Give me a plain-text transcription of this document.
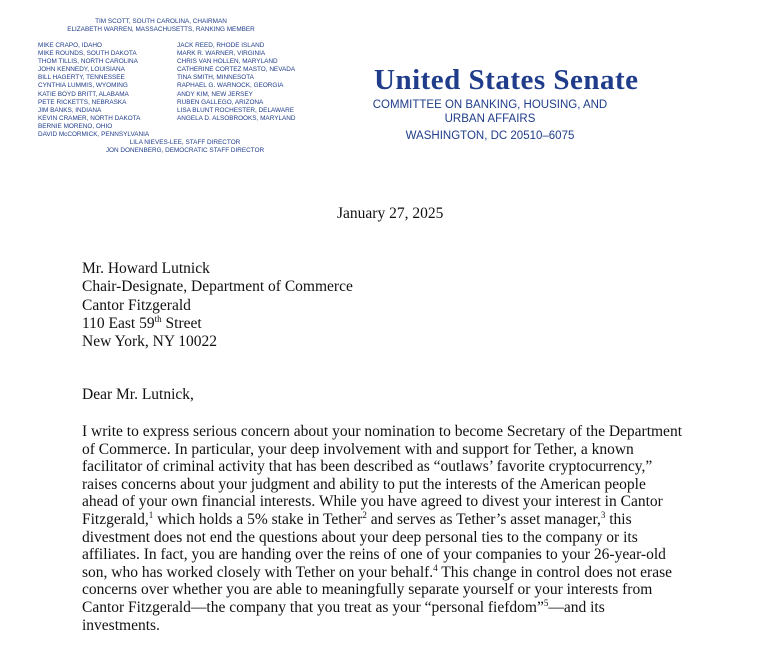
TIM SCOTT, SOUTH CAROLINA, CHAIRMAN
ELIZABETH WARREN, MASSACHUSETTS, RANKING MEMBER
MIKE CRAPO, IDAHO
MIKE ROUNDS, SOUTH DAKOTA
THOM TILLIS, NORTH CAROLINA
JOHN KENNEDY, LOUISIANA
BILL HAGERTY, TENNESSEE
CYNTHIA LUMMIS, WYOMING
KATIE BOYD BRITT, ALABAMA
PETE RICKETTS, NEBRASKA
JIM BANKS, INDIANA
KEVIN CRAMER, NORTH DAKOTA
BERNIE MORENO, OHIO
DAVID McCORMICK, PENNSYLVANIA
JACK REED, RHODE ISLAND
MARK R. WARNER, VIRGINIA
CHRIS VAN HOLLEN, MARYLAND
CATHERINE CORTEZ MASTO, NEVADA
TINA SMITH, MINNESOTA
RAPHAEL G. WARNOCK, GEORGIA
ANDY KIM, NEW JERSEY
RUBEN GALLEGO, ARIZONA
LISA BLUNT ROCHESTER, DELAWARE
ANGELA D. ALSOBROOKS, MARYLAND
LILA NIEVES-LEE, STAFF DIRECTOR
JON DONENBERG, DEMOCRATIC STAFF DIRECTOR
United States Senate
COMMITTEE ON BANKING, HOUSING, AND
URBAN AFFAIRS
WASHINGTON, DC 20510–6075
January 27, 2025
Mr. Howard Lutnick
Chair-Designate, Department of Commerce
Cantor Fitzgerald
110 East 59th Street
New York, NY 10022
Dear Mr. Lutnick,
I write to express serious concern about your nomination to become Secretary of the Department
of Commerce. In particular, your deep involvement with and support for Tether, a known
facilitator of criminal activity that has been described as “outlaws’ favorite cryptocurrency,”
raises concerns about your judgment and ability to put the interests of the American people
ahead of your own financial interests. While you have agreed to divest your interest in Cantor
Fitzgerald,$^1$ which holds a 5% stake in Tether$^2$ and serves as Tether’s asset manager,$^3$ this
divestment does not end the questions about your deep personal ties to the company or its
affiliates. In fact, you are handing over the reins of one of your companies to your 26-year-old
son, who has worked closely with Tether on your behalf.$^4$ This change in control does not erase
concerns over whether you are able to meaningfully separate yourself or your interests from
Cantor Fitzgerald—the company that you treat as your “personal fiefdom”$^5$—and its
investments.
